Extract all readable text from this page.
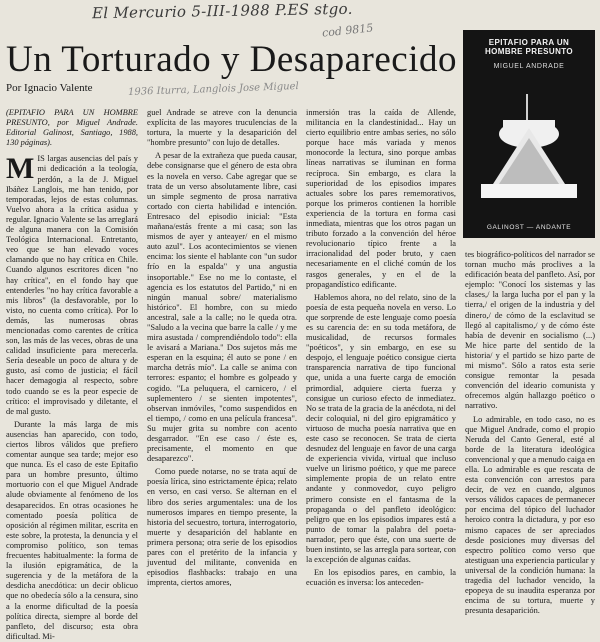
El Mercurio 5-III-1988 P.ES stgo.
cod 9815
1936 Iturra, Langlois Jose Miguel
Un Torturado y Desaparecido
Por Ignacio Valente

(EPITAFIO PARA UN HOMBRE PRESUNTO, por Miguel Andrade. Editorial Galinost, Santiago, 1988, 130 páginas).

M IS largas ausencias del país y mi dedicación a la teología, perdón, a la de J. Miguel Ibáñez Langlois, me han tenido, por temporadas, lejos de estas columnas. Vuelvo ahora a la crítica asidua y regular. Ignacio Valente se las arreglará de alguna manera con la Comisión Teológica Internacional. Entretanto, veo que se han elevado voces clamando que no hay crítica en Chile. Cuando algunos escritores dicen "no hay crítica", en el fondo hay que entenderles "no hay crítica favorable a mis libros" (la desfavorable, por lo visto, no cuenta como crítica). Por lo demás, las numerosas obras mencionadas como carentes de crítica son, las más de las veces, obras de una calidad insuficiente para merecerla. Sería deseable un poco de altura y de gusto, así como de justicia; el fácil hacer demagogia al respecto, sobre todo cuando se es la peor especie de crítico: el improvisado y diletante, el de mal gusto.

Durante la más larga de mis ausencias han aparecido, con todo, ciertos libros válidos que prefiero comentar aunque sea tarde; mejor eso que nunca. Es el caso de este Epitafio para un hombre presunto, último mortuorio con el que Miguel Andrade alude obviamente al fenómeno de los desaparecidos. En otras ocasiones he comentado poesía política de oposición al régimen militar, escrita en este sobre, la protesta, la denuncia y el compromiso político, son temas frecuentes habitualmente: la forma de la ilusión epigramática, de la sugerencia y de la metáfora de la desdicha anecdótica: un decir oblicuo que no obedecía sólo a la censura, sino a la enorme dificultad de la poesía política directa, siempre al borde del panfleto, del discurso; esta obra dificultad. Mi-

guel Andrade se atreve con la denuncia explícita de las mayores truculencias de la tortura, la muerte y la desaparición del "hombre presunto" con lujo de detalles.

A pesar de la extrañeza que pueda causar, debe consignarse que el género de esta obra es la novela en verso. Cabe agregar que se trata de un verso absolutamente libre, casi un simple segmento de prosa narrativa cortado con cierta habilidad e intención. Entresaco del episodio inicial: "Esta mañana/estás frente a mi casa; son las mismos de ayer y anteayer/ en el mismo auto azul". Los acontecimientos se vienen encima: los siente el hablante con "un sudor frío en la espalda" y una angustia insoportable." Ese no me lo contaste, el agencia es los estatutos del Partido," ni en ningún manual sobre/ materialismo histórico". El hombre, con su miedo ancestral, sale a la calle; no le queda otra. "Saludo a la vecina que barre la calle / y me mira asustada / comprendiéndolo todo": ella le avisará a Mariana." Dos sujetos más me esperan en la esquina; él auto se pone / en marcha detrás mío". La calle se anima con terrores: espanto; el hombre es golpeado y cogido. "La peluquera, el carnicero, / el suplementero / se sienten impotentes", observan inmóviles, "como suspendidos en el tiempo, / como en una película francesa". Su mujer grita su nombre con acento desgarrador. "En ese caso / éste es, precisamente, el momento en que desaparezco".

Como puede notarse, no se trata aquí de poesía lírica, sino estrictamente épica; relato en verso, en casi verso. Se alternan en el libro dos series argumentales: una de los numerosos impares en tiempo presente, la historia del secuestro, tortura, interrogatorio, muerte y desaparición del hablante en primera persona; otra serie de los episodios pares con el pretérito de la infancia y juventud del militante, convenida en episodios flashbacks: trabajo en una imprenta, ciertos amores,

inmersión tras la caída de Allende, militancia en la clandestinidad... Hay un cierto equilibrio entre ambas series, no sólo porque hace más variada y menos monocorde la lectura, sino porque ambas líneas narrativas se iluminan en forma recíproca. Sin embargo, es clara la superioridad de los episodios impares actuales sobre los pares rememorativos, porque los primeros contienen la horrible experiencia de la tortura en forma casi inmediata, mientras que los otros pagan un tributo forzado a la convención del héroe revolucionario típico frente a la irracionalidad del poder bruto, y caen necesariamente en el cliché común de los rasgos generales, y en el de la propagandístico edificante.

Hablemos ahora, no del relato, sino de la poesía de esta pequeña novela en verso. Lo que sorprende de este lenguaje como poesía es su carencia de: en su toda metáfora, de musicalidad, de recursos formales "poéticos", y sin embargo, en ese su despojo, el lenguaje poético consigue cierta transparencia narrativa de tipo funcional que, unida a una fuerte carga de emoción primordial, adquiere cierta fuerza y consigue un curioso efecto de inmediatez. No se trata de la gracia de la anécdota, ni del decir coloquial, ni del giro epigramático y virtuoso de mucha poesía narrativa que en este caso se reconocen. Se trata de cierta desnudez del lenguaje en favor de una carga de experiencia vivida, virtual que incluso vuelve un lirismo poético, y que me parece simplemente propia de un relato entre andante y conmovedor, cuyo peligro primero consiste en el fantasma de la propaganda o del panfleto ideológico: peligro que en los episodios impares está a punto de tomar la palabra del poeta-narrador, pero que éste, con una suerte de buen instinto, se las arregla para sortear, con la excepción de algunas caídas.

En los episodios pares, en cambio, la ecuación es inversa: los anteceden-

EPITAFIO PARA UN HOMBRE PRESUNTO
MIGUEL ANDRADE
GALINOST — ANDANTE

tes biográfico-políticos del narrador se tornan mucho más proclives a la edificación beata del panfleto. Así, por ejemplo: "Conocí los sistemas y las clases,/ la larga lucha por el pan y la tierra,/ el origen de la industria y del dinero,/ de cómo de la esclavitud se llegó al capitalismo,/ y de cómo éste había de devenir en socialismo (...) Me hice parte del sentido de la historia/ y el partido se hizo parte de mi mismo". Sólo a ratos esta serie consigue remontar la pesada convención del ideario comunista y ofrecemos algún hallazgo poético o narrativo.

Lo admirable, en todo caso, no es que Miguel Andrade, como el propio Neruda del Canto General, esté al borde de la literatura ideológica convencional y que a menudo caiga en ella. Lo admirable es que rescata de esta convención con arrestos para decir, de vez en cuando, algunos versos válidos capaces de permanecer por encima del tópico del luchador heroico contra la dictadura, y por eso mismo capaces de ser apreciados desde posiciones muy diversas del espectro político como verso que atestiguan una experiencia particular y universal de la condición humana: la tragedia del luchador vencido, la epopeya de su inaudita esperanza por encima de su tortura, muerte y presunta desaparición.
